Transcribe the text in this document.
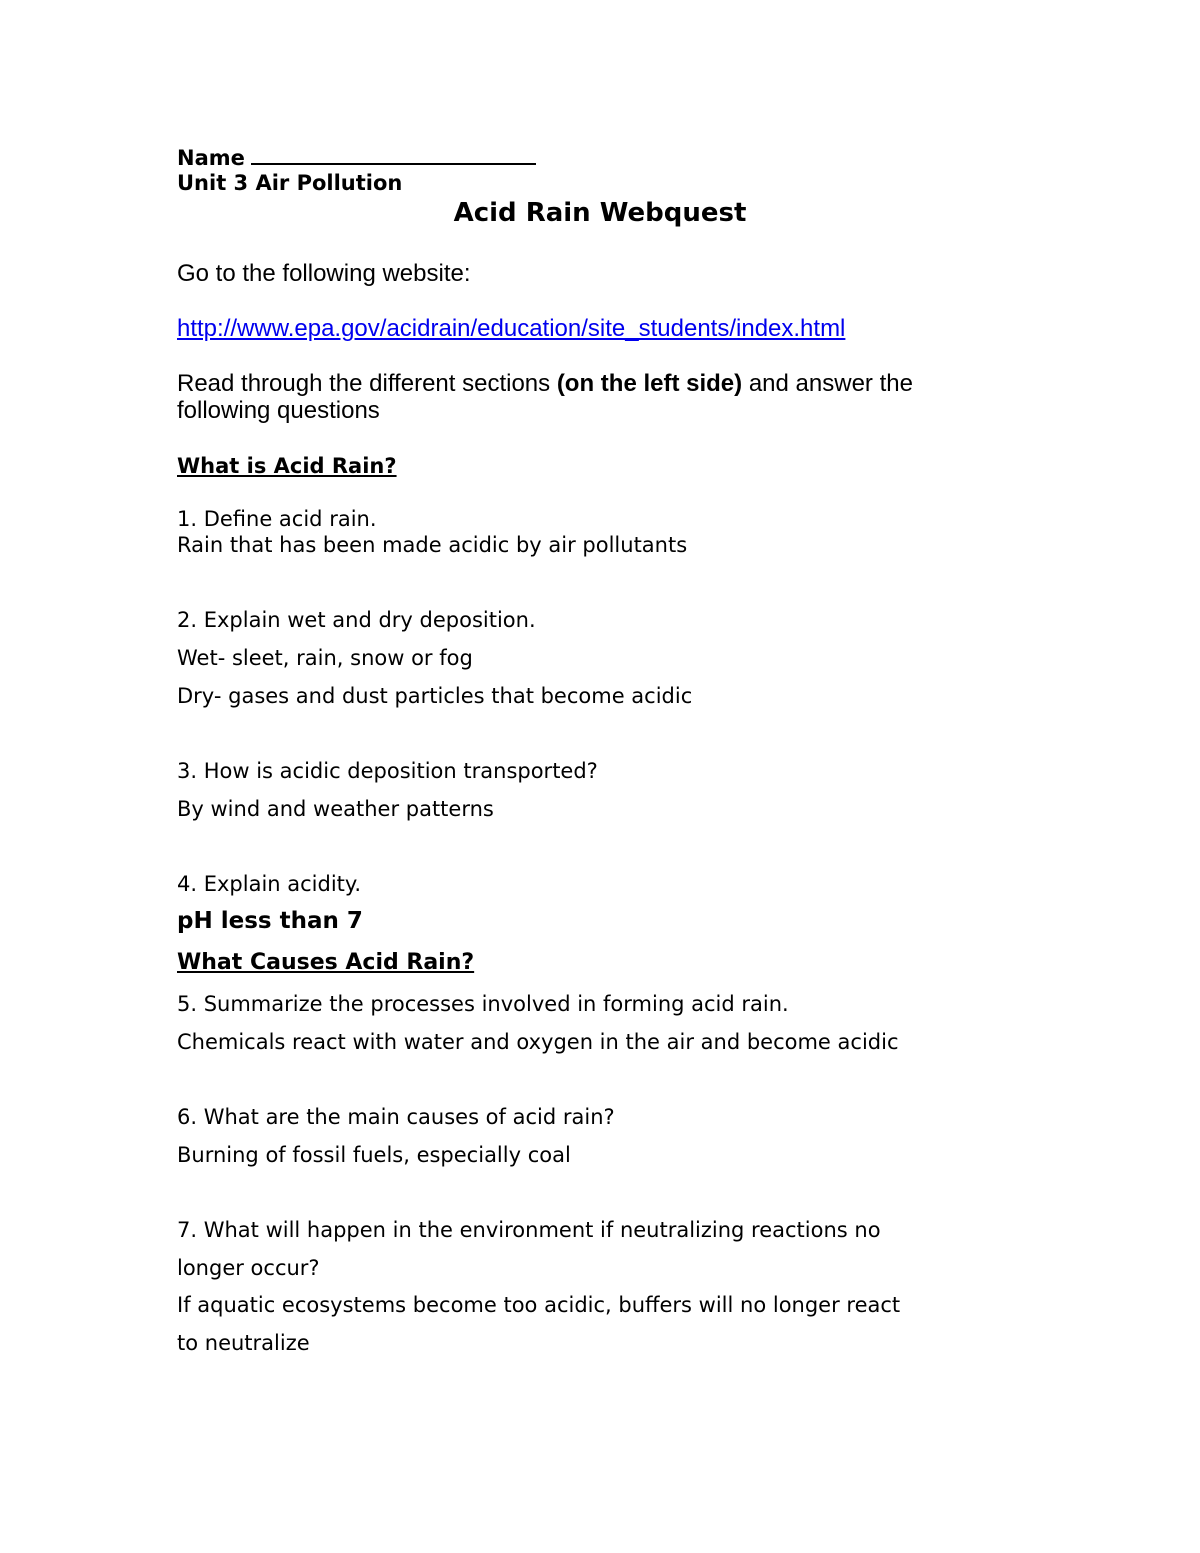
Name
Unit 3 Air Pollution
Acid Rain Webquest
Go to the following website:
http://www.epa.gov/acidrain/education/site_students/index.html
Read through the different sections (on the left side) and answer the
following questions
What is Acid Rain?
1. Define acid rain.
Rain that has been made acidic by air pollutants
2. Explain wet and dry deposition.
Wet- sleet, rain, snow or fog
Dry- gases and dust particles that become acidic
3. How is acidic deposition transported?
By wind and weather patterns
4. Explain acidity.
pH less than 7
What Causes Acid Rain?
5. Summarize the processes involved in forming acid rain.
Chemicals react with water and oxygen in the air and become acidic
6. What are the main causes of acid rain?
Burning of fossil fuels, especially coal
7. What will happen in the environment if neutralizing reactions no
longer occur?
If aquatic ecosystems become too acidic, buffers will no longer react
to neutralize
